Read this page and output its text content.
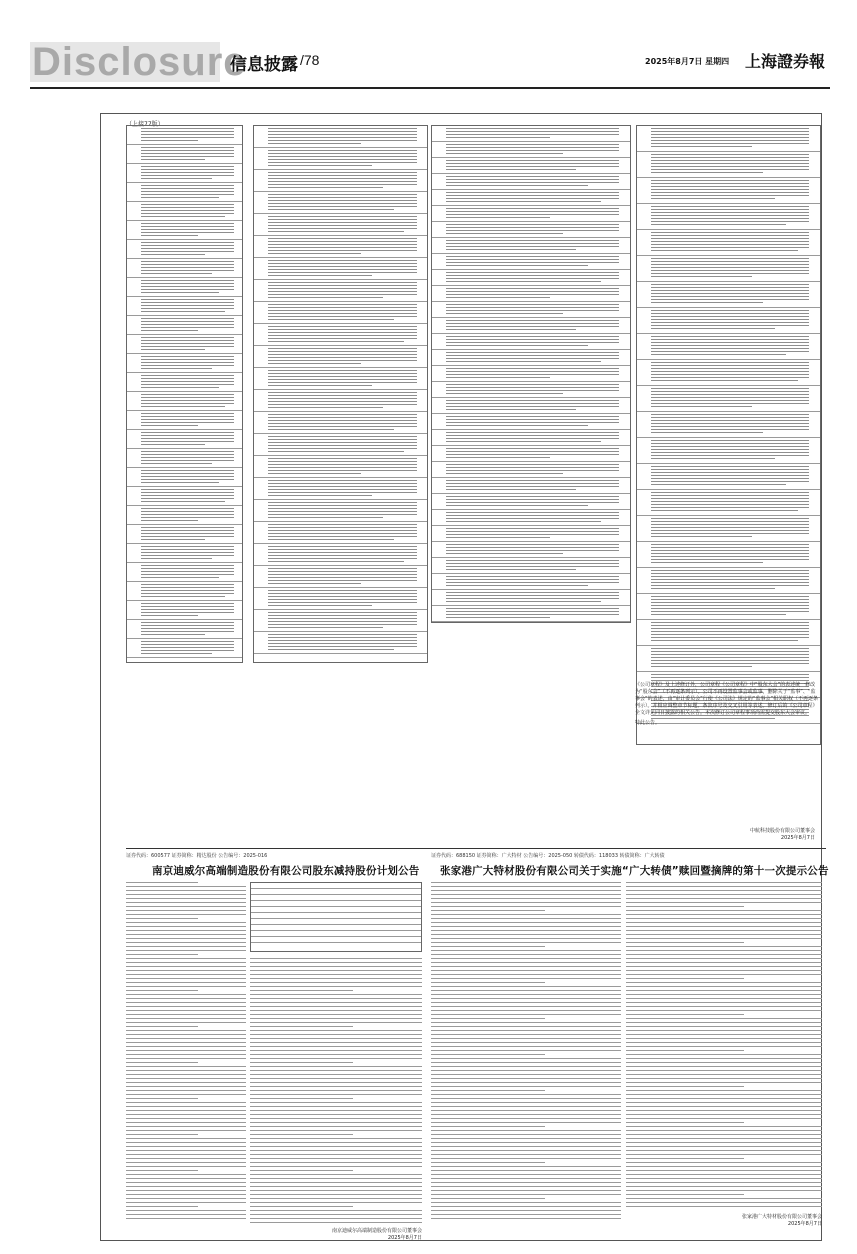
Disclosure
信息披露 /78	2025年8月7日 星期四 上海證券報
（上接77版）
《公司章程》及上述修订外，公司章程《公司章程》中“股东大会”的表述统一修改为“股东会”（不再逐条列示）。公司不再设置监事会或监事，删除关于“监事”、“监事会”的表述，由“审计委员会”行使《公司法》规定的“监事会”相关职权（不再逐条列示）。并相应调整章节标题、条款序号及交叉引用等表述。修订后的《公司章程》全文详见同日披露的相关公告。本次修订公司章程事项尚需提交股东大会审议。
特此公告。
中航科技股份有限公司董事会
2025年8月7日
证券代码：600577 证券简称：精达股份 公告编号：2025-016
南京迪威尔高端制造股份有限公司股东减持股份计划公告
证券代码：688150 证券简称：广大特材 公告编号：2025-050 转债代码：118033 转债简称：广大转债
张家港广大特材股份有限公司关于实施“广大转债”赎回暨摘牌的第十一次提示公告
南京迪威尔高端制造股份有限公司董事会
2025年8月7日
张家港广大特材股份有限公司董事会
2025年8月7日
